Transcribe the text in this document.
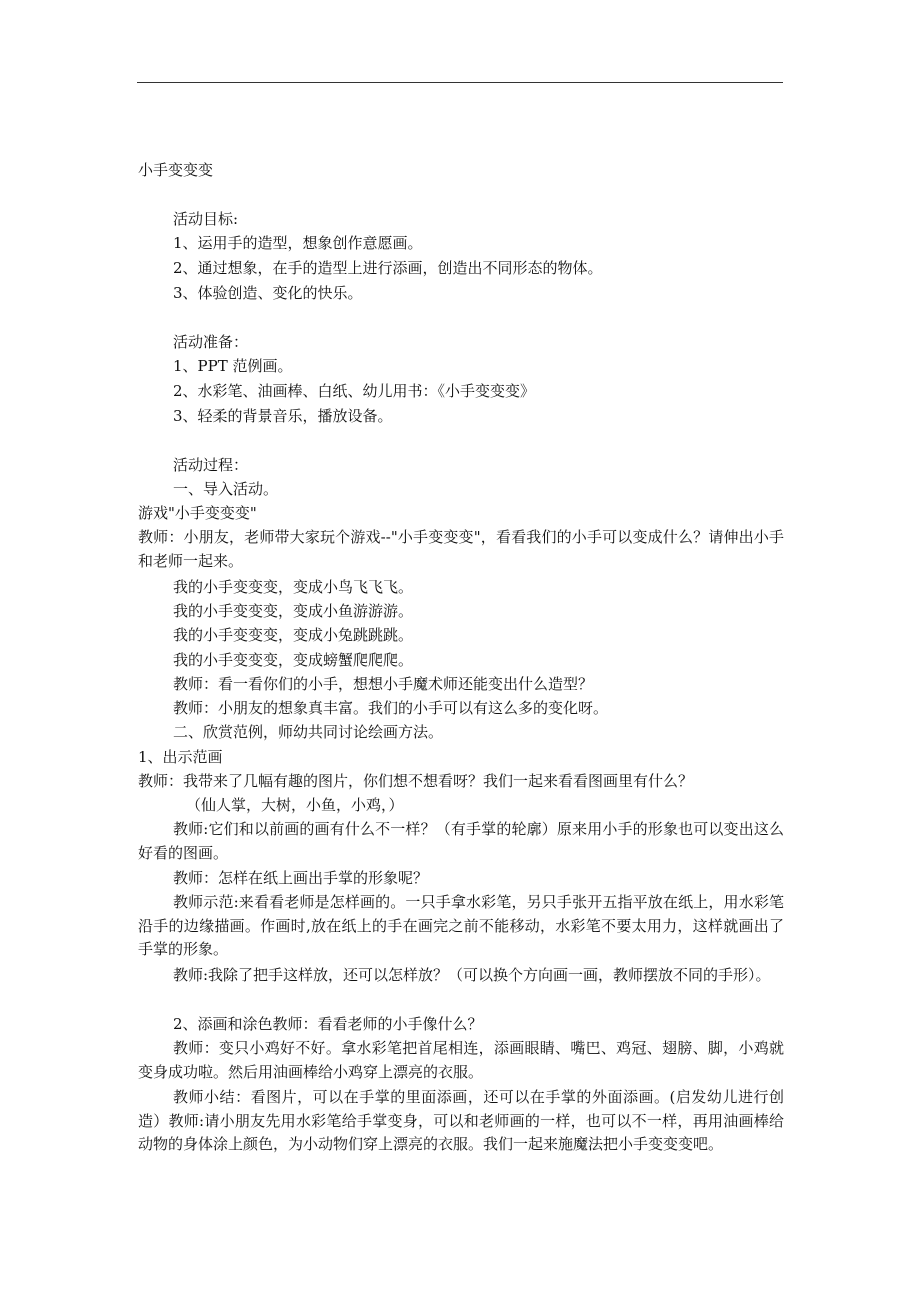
小手变变变
活动目标:
1、运用手的造型，想象创作意愿画。
2、通过想象，在手的造型上进行添画，创造出不同形态的物体。
3、体验创造、变化的快乐。
活动准备：
1、PPT 范例画。
2、水彩笔、油画棒、白纸、幼儿用书：《小手变变变》
3、轻柔的背景音乐，播放设备。
活动过程：
一、导入活动。
游戏"小手变变变"
教师：小朋友，老师带大家玩个游戏--"小手变变变"，看看我们的小手可以变成什么？请伸出小手和老师一起来。
我的小手变变变，变成小鸟飞飞飞。
我的小手变变变，变成小鱼游游游。
我的小手变变变，变成小兔跳跳跳。
我的小手变变变，变成螃蟹爬爬爬。
教师：看一看你们的小手，想想小手魔术师还能变出什么造型？
教师：小朋友的想象真丰富。我们的小手可以有这么多的变化呀。
二、欣赏范例，师幼共同讨论绘画方法。
1、出示范画
教师：我带来了几幅有趣的图片，你们想不想看呀？我们一起来看看图画里有什么？
（仙人掌，大树，小鱼，小鸡，）
教师:它们和以前画的画有什么不一样？（有手掌的轮廓）原来用小手的形象也可以变出这么好看的图画。
教师：怎样在纸上画出手掌的形象呢？
教师示范:来看看老师是怎样画的。一只手拿水彩笔，另只手张开五指平放在纸上，用水彩笔沿手的边缘描画。作画时,放在纸上的手在画完之前不能移动，水彩笔不要太用力，这样就画出了手掌的形象。
教师:我除了把手这样放，还可以怎样放？（可以换个方向画一画，教师摆放不同的手形）。
2、添画和涂色教师：看看老师的小手像什么？
教师：变只小鸡好不好。拿水彩笔把首尾相连，添画眼睛、嘴巴、鸡冠、翅膀、脚，小鸡就变身成功啦。然后用油画棒给小鸡穿上漂亮的衣服。
教师小结：看图片，可以在手掌的里面添画，还可以在手掌的外面添画。(启发幼儿进行创造）教师:请小朋友先用水彩笔给手掌变身，可以和老师画的一样，也可以不一样，再用油画棒给动物的身体涂上颜色，为小动物们穿上漂亮的衣服。我们一起来施魔法把小手变变变吧。
